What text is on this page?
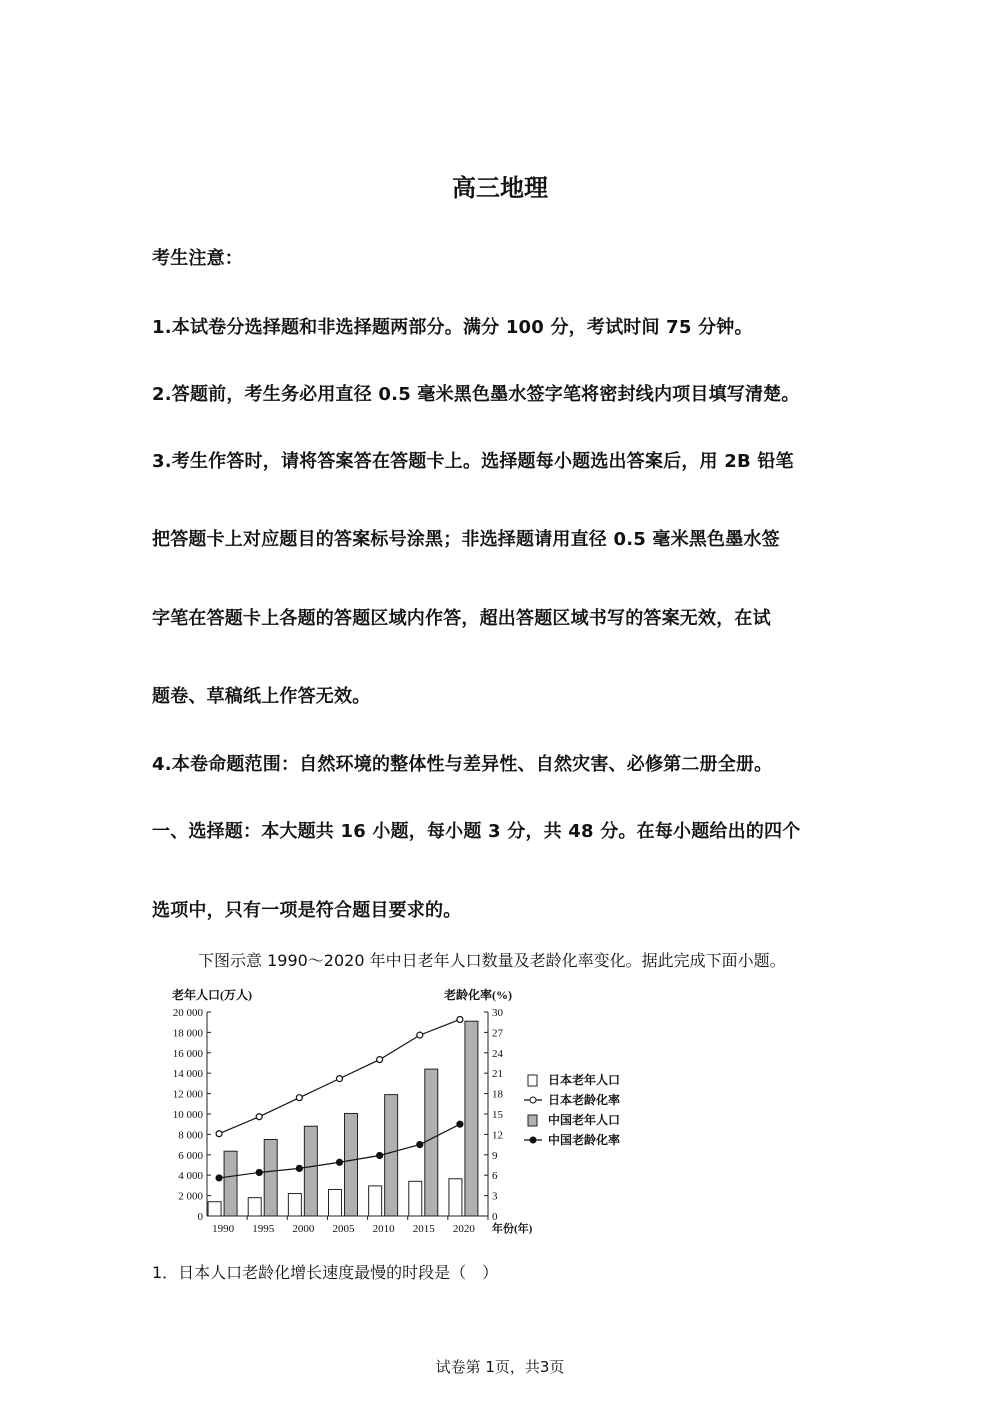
高三地理
考生注意：
1.本试卷分选择题和非选择题两部分。满分 100 分，考试时间 75 分钟。
2.答题前，考生务必用直径 0.5 毫米黑色墨水签字笔将密封线内项目填写清楚。
3.考生作答时，请将答案答在答题卡上。选择题每小题选出答案后，用 2B 铅笔
把答题卡上对应题目的答案标号涂黑；非选择题请用直径 0.5 毫米黑色墨水签
字笔在答题卡上各题的答题区域内作答，超出答题区域书写的答案无效，在试
题卷、草稿纸上作答无效。
4.本卷命题范围：自然环境的整体性与差异性、自然灾害、必修第二册全册。
一、选择题：本大题共 16 小题，每小题 3 分，共 48 分。在每小题给出的四个
选项中，只有一项是符合题目要求的。
下图示意 1990～2020 年中日老年人口数量及老龄化率变化。据此完成下面小题。
0
2 000
4 000
6 000
8 000
10 000
12 000
14 000
16 000
18 000
20 000
0
3
6
9
12
15
18
21
24
27
30
老年人口(万人)	老龄化率(%)
1990 1995 2000 2005 2010 2015 2020 年份(年)
日本老年人口
日本老龄化率
中国老年人口
中国老龄化率
1．日本人口老龄化增长速度最慢的时段是（　）
试卷第 1页，共3页
